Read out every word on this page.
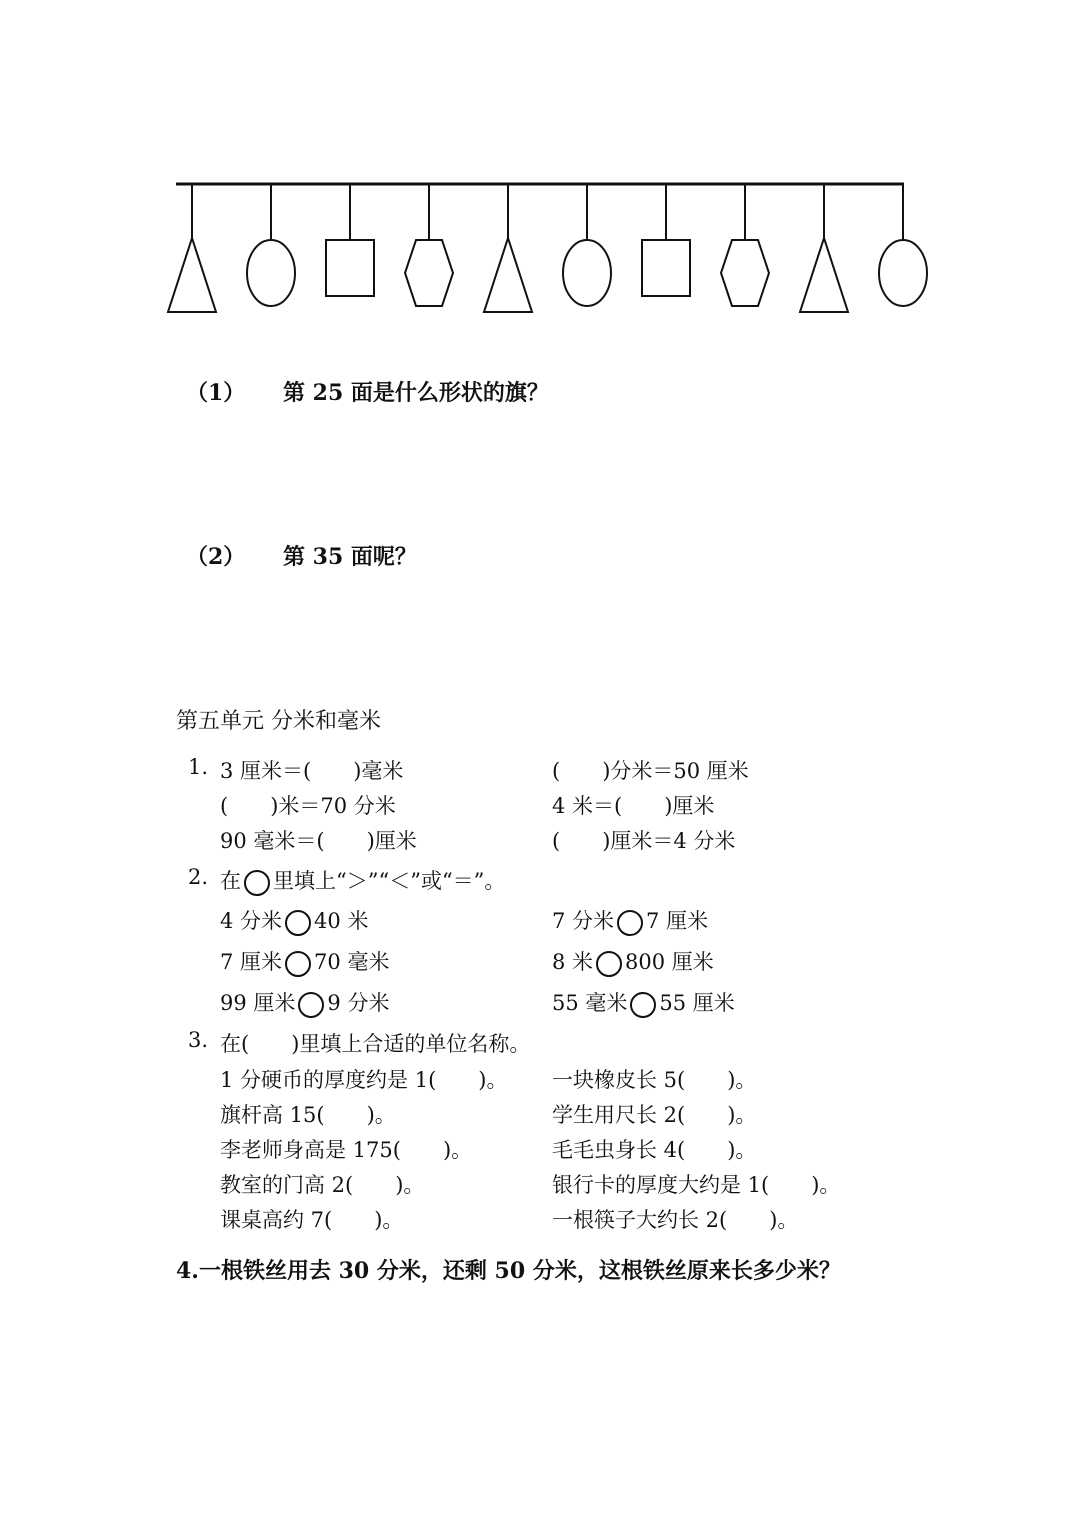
（1） 第 25 面是什么形状的旗？
（2） 第 35 面呢？
第五单元 分米和毫米
1. 3 厘米＝(　　)毫米	(　　)分米＝50 厘米
(　　)米＝70 分米	4 米＝(　　)厘米
90 毫米＝(　　)厘米	(　　)厘米＝4 分米
2. 在 里填上“＞”“＜”或“＝”。
4 分米 40 米	7 分米 7 厘米
7 厘米 70 毫米	8 米 800 厘米
99 厘米 9 分米	55 毫米 55 厘米
3. 在(　　)里填上合适的单位名称。
1 分硬币的厚度约是 1(　　)。 一块橡皮长 5(　　)。
旗杆高 15(　　)。	学生用尺长 2(　　)。
李老师身高是 175(　　)。	毛毛虫身长 4(　　)。
教室的门高 2(　　)。	银行卡的厚度大约是 1(　　)。
课桌高约 7(　　)。	一根筷子大约长 2(　　)。
4.一根铁丝用去 30 分米，还剩 50 分米，这根铁丝原来长多少米？
